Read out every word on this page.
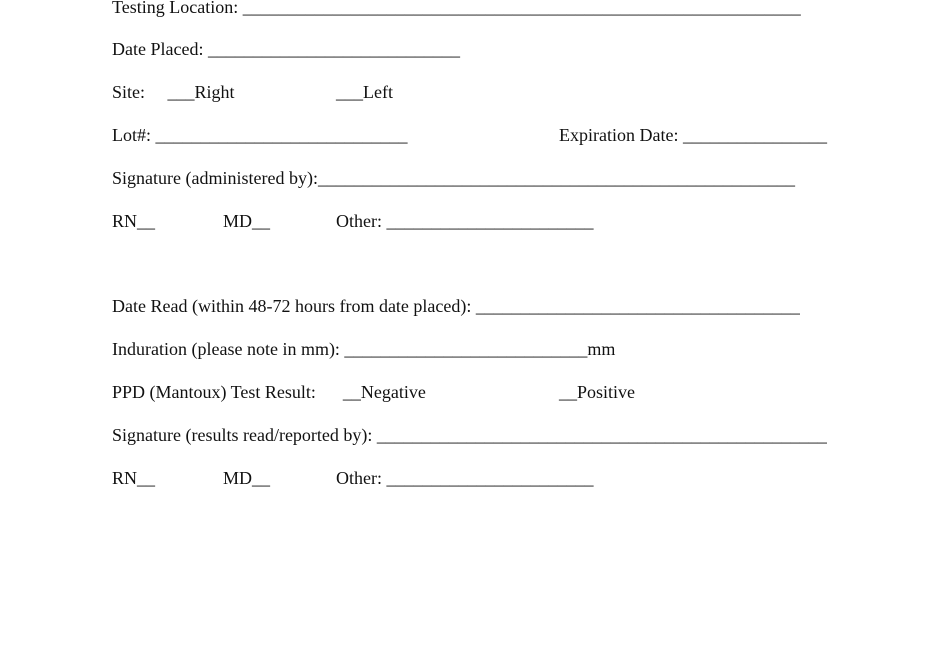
Testing Location: ______________________________________________________________
Date Placed: ____________________________
Site:     ___Right	___Left
Lot#: ____________________________	Expiration Date: ________________
Signature (administered by):_____________________________________________________
RN__	MD__	Other: _______________________
Date Read (within 48-72 hours from date placed): ____________________________________
Induration (please note in mm): ___________________________mm
PPD (Mantoux) Test Result:      __Negative	__Positive
Signature (results read/reported by): __________________________________________________
RN__	MD__	Other: _______________________
